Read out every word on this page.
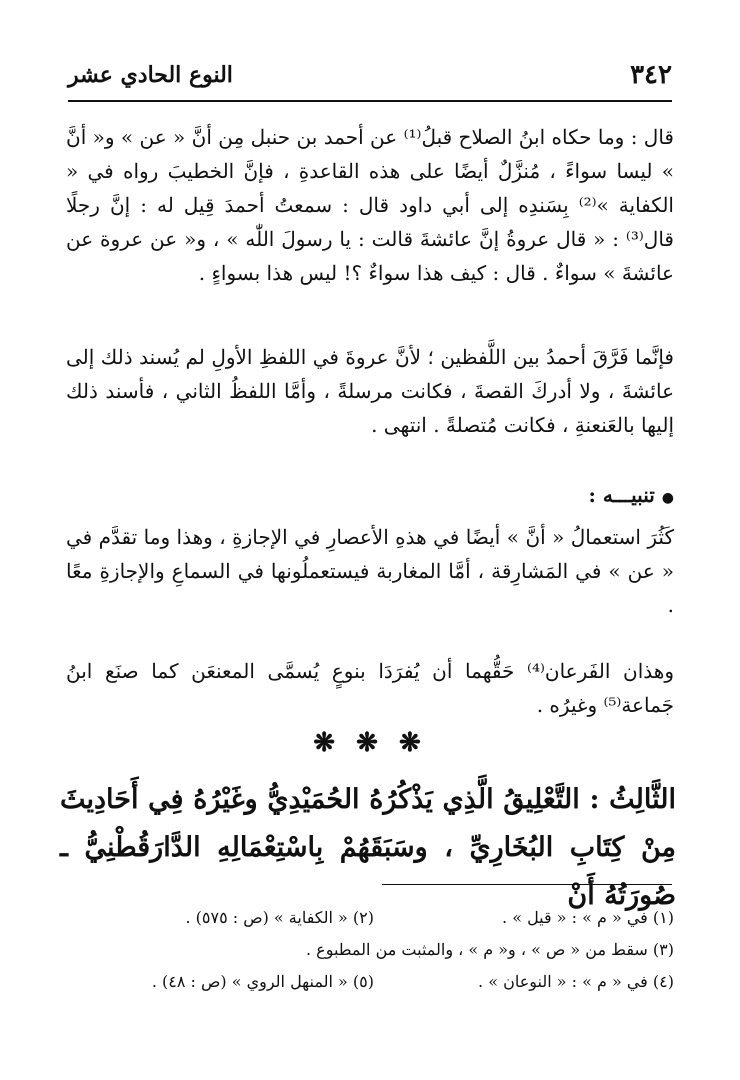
٣٤٢
النوع الحادي عشر

قال : وما حكاه ابنُ الصلاح قبلُ⁽¹⁾ عن أحمد بن حنبل مِن أنَّ « عن » و« أنَّ » ليسا سواءً ، مُنزَّلٌ أيضًا على هذه القاعدةِ ، فإنَّ الخطيبَ رواه في « الكفاية »⁽²⁾ بِسَندِه إلى أبي داود قال : سمعتُ أحمدَ قِيل له : إنَّ رجلًا قال⁽³⁾ : « قال عروةُ إنَّ عائشةَ قالت : يا رسولَ اللّٰه » ، و« عن عروة عن عائشةَ » سواءٌ . قال : كيف هذا سواءٌ ؟! ليس هذا بسواءٍ .

فإنَّما فَرَّقَ أحمدُ بين اللَّفظين ؛ لأنَّ عروةَ في اللفظِ الأولِ لم يُسند ذلك إلى عائشةَ ، ولا أدركَ القصةَ ، فكانت مرسلةً ، وأمَّا اللفظُ الثاني ، فأسند ذلك إليها بالعَنعنةِ ، فكانت مُتصلةً . انتهى .

● تنبيـــه :

كَثُرَ استعمالُ « أنَّ » أيضًا في هذهِ الأعصارِ في الإجازةِ ، وهذا وما تقدَّم في « عن » في المَشارِقة ، أمَّا المغاربة فيستعملُونها في السماعِ والإجازةِ معًا .

وهذان الفَرعان⁽⁴⁾ حَقُّهما أن يُفرَدَا بنوعٍ يُسمَّى المعنعَن كما صنَع ابنُ جَماعة⁽⁵⁾ وغيرُه .

❋ ❋ ❋

الثَّالِثُ : التَّعْلِيقُ الَّذِي يَذْكُرُهُ الحُمَيْدِيُّ وغَيْرُهُ فِي أَحَادِيثَ مِنْ كِتَابِ البُخَارِيِّ ، وسَبَقَهُمْ بِاسْتِعْمَالِهِ الدَّارَقُطْنِيُّ ـ صُورَتُهُ أَنْ

(١) في « م » : « قيل » .
(٢) « الكفاية » (ص : ٥٧٥) .
(٣) سقط من « ص » ، و« م » ، والمثبت من المطبوع .
(٤) في « م » : « النوعان » .
(٥) « المنهل الروي » (ص : ٤٨) .
